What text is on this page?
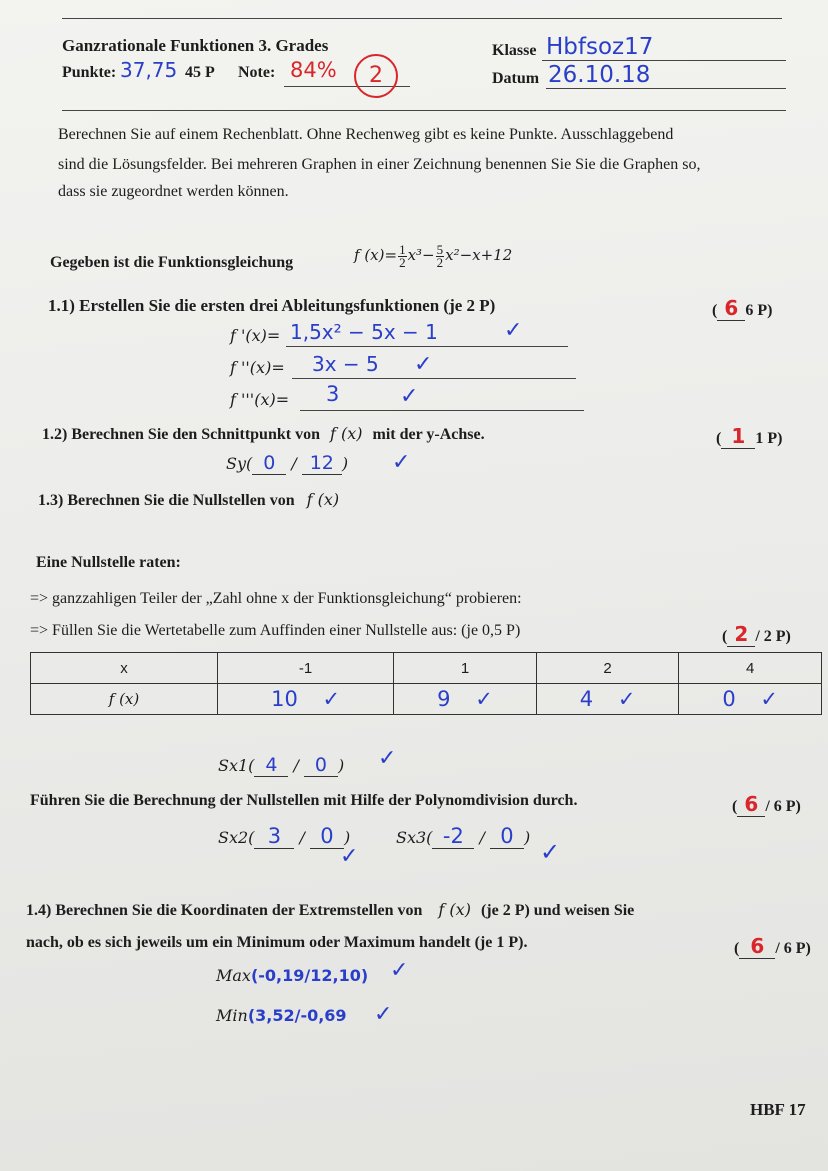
Ganzrationale Funktionen 3. Grades
Punkte: 37,75 45 P Note: 84%	2
Klasse Hbfsoz17
Datum 26.10.18
Berechnen Sie auf einem Rechenblatt. Ohne Rechenweg gibt es keine Punkte. Ausschlaggebend
sind die Lösungsfelder. Bei mehreren Graphen in einer Zeichnung benennen Sie Sie die Graphen so,
dass sie zugeordnet werden können.
Gegeben ist die Funktionsgleichung	f $(x)= \frac{1}{2} x^3- \frac{5}{2} x^2-x+12$
1.1) Erstellen Sie die ersten drei Ableitungsfunktionen (je 2 P)	( 6 6 P)
f '(x)= 1,5x² − 5x − 1	✓
f ''(x)= 3x − 5 ✓
f '''(x)= 3	✓
1.2) Berechnen Sie den Schnittpunkt von f (x) mit der y-Achse.	( 1 1 P)
Sy( 0 / 12 ) ✓
1.3) Berechnen Sie die Nullstellen von f (x)
Eine Nullstelle raten:
=> ganzzahligen Teiler der „Zahl ohne x der Funktionsgleichung“ probieren:
=> Füllen Sie die Wertetabelle zum Auffinden einer Nullstelle aus: (je 0,5 P)	( 2 / 2 P)
x	-1	1	2	4
f (x)	10 ✓	9 ✓	4 ✓	0 ✓
Sx1( 4 / 0 ) ✓
Führen Sie die Berechnung der Nullstellen mit Hilfe der Polynomdivision durch.	( 6 / 6 P)
Sx2( 3 / 0 )	Sx3( -2 / 0 )
✓	✓
1.4) Berechnen Sie die Koordinaten der Extremstellen von f (x) (je 2 P) und weisen Sie
nach, ob es sich jeweils um ein Minimum oder Maximum handelt (je 1 P).	( 6 / 6 P)
Max(-0,19/12,10) ✓
Min(3,52/-0,69 ✓
HBF 17
